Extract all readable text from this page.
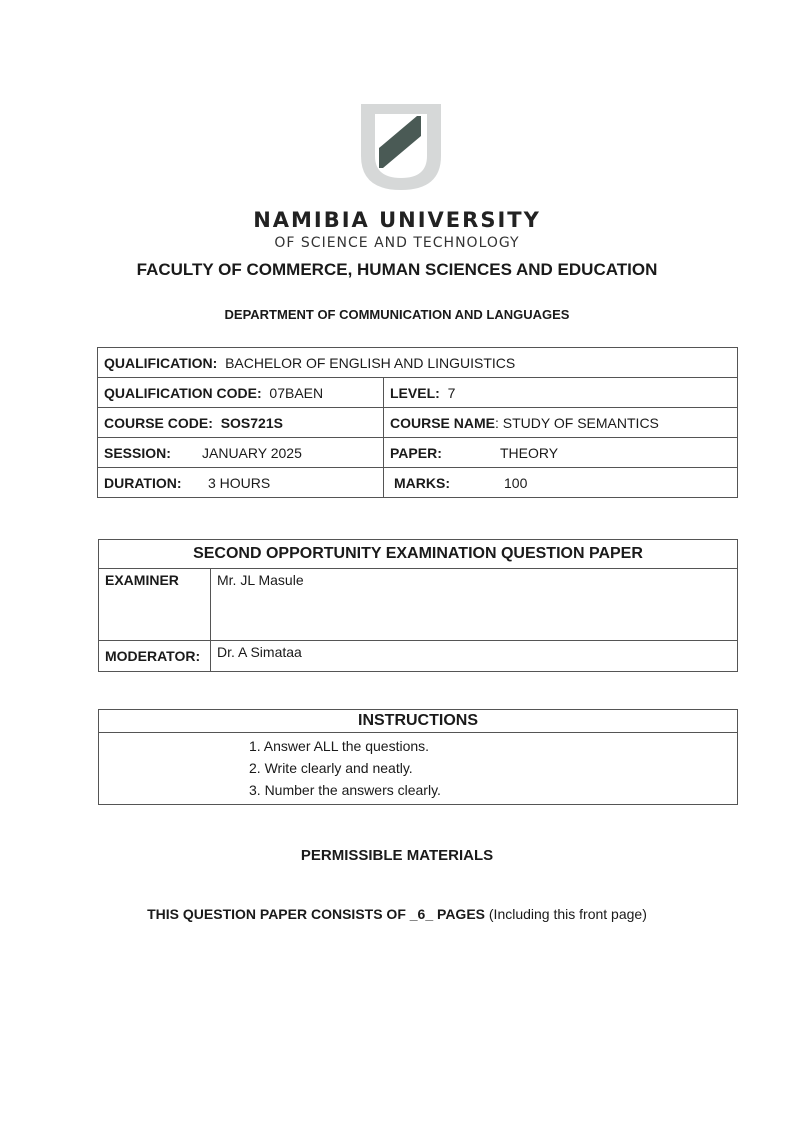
NAMIBIA UNIVERSITY
OF SCIENCE AND TECHNOLOGY
FACULTY OF COMMERCE, HUMAN SCIENCES AND EDUCATION
DEPARTMENT OF COMMUNICATION AND LANGUAGES
QUALIFICATION: BACHELOR OF ENGLISH AND LINGUISTICS	
QUALIFICATION CODE: 07BAEN	LEVEL: 7
COURSE CODE: SOS721S	COURSE NAME: STUDY OF SEMANTICS
SESSION: JANUARY 2025	PAPER: THEORY
DURATION: 3 HOURS	MARKS: 100
SECOND OPPORTUNITY EXAMINATION QUESTION PAPER	
EXAMINER	Mr. JL Masule
MODERATOR:	Dr. A Simataa
INSTRUCTIONS

1. Answer ALL the questions.
2. Write clearly and neatly.
3. Number the answers clearly.
PERMISSIBLE MATERIALS
THIS QUESTION PAPER CONSISTS OF _6_ PAGES (Including this front page)
